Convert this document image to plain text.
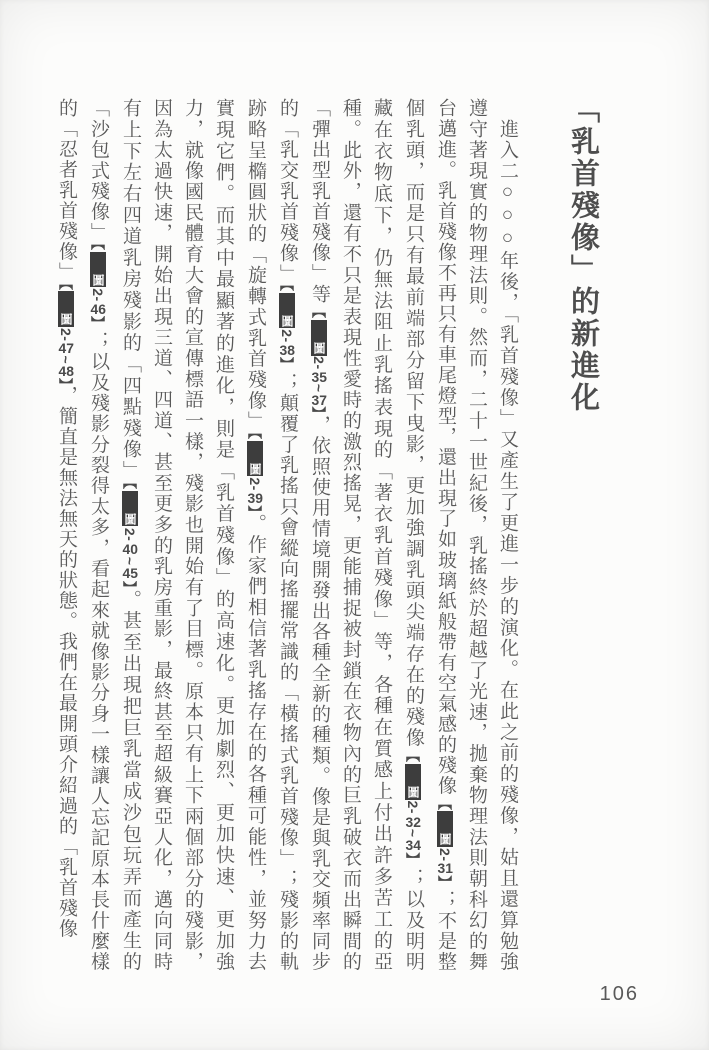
「乳首殘像」的新進化

進入二○○○年後，「乳首殘像」又產生了更進一步的演化。在此之前的殘像，姑且還算勉強遵守著現實的物理法則。然而，二十一世紀後，乳搖終於超越了光速，拋棄物理法則朝科幻的舞台邁進。乳首殘像不再只有車尾燈型，還出現了如玻璃紙般帶有空氣感的殘像【圖2-31】；不是整個乳頭，而是只有最前端部分留下曳影，更加強調乳頭尖端存在的殘像【圖2-32~34】；以及明明藏在衣物底下，仍無法阻止乳搖表現的「著衣乳首殘像」等，各種在質感上付出許多苦工的亞種。此外，還有不只是表現性愛時的激烈搖晃，更能捕捉被封鎖在衣物內的巨乳破衣而出瞬間的「彈出型乳首殘像」等【圖2-35~37】，依照使用情境開發出各種全新的種類。像是與乳交頻率同步的「乳交乳首殘像」【圖2-38】；顛覆了乳搖只會縱向搖擺常識的「橫搖式乳首殘像」；殘影的軌跡略呈橢圓狀的「旋轉式乳首殘像」【圖2-39】。作家們相信著乳搖存在的各種可能性，並努力去實現它們。而其中最顯著的進化，則是「乳首殘像」的高速化。更加劇烈、更加快速、更加強力，就像國民體育大會的宣傳標語一樣，殘影也開始有了目標。原本只有上下兩個部分的殘影，因為太過快速，開始出現三道、四道、甚至更多的乳房重影，最終甚至超級賽亞人化，邁向同時有上下左右四道乳房殘影的「四點殘像」【圖2-40~45】。甚至出現把巨乳當成沙包玩弄而產生的「沙包式殘像」【圖2-46】；以及殘影分裂得太多，看起來就像影分身一樣讓人忘記原本長什麼樣的「忍者乳首殘像」【圖2-47~48】，簡直是無法無天的狀態。我們在最開頭介紹過的「乳首殘像

106
